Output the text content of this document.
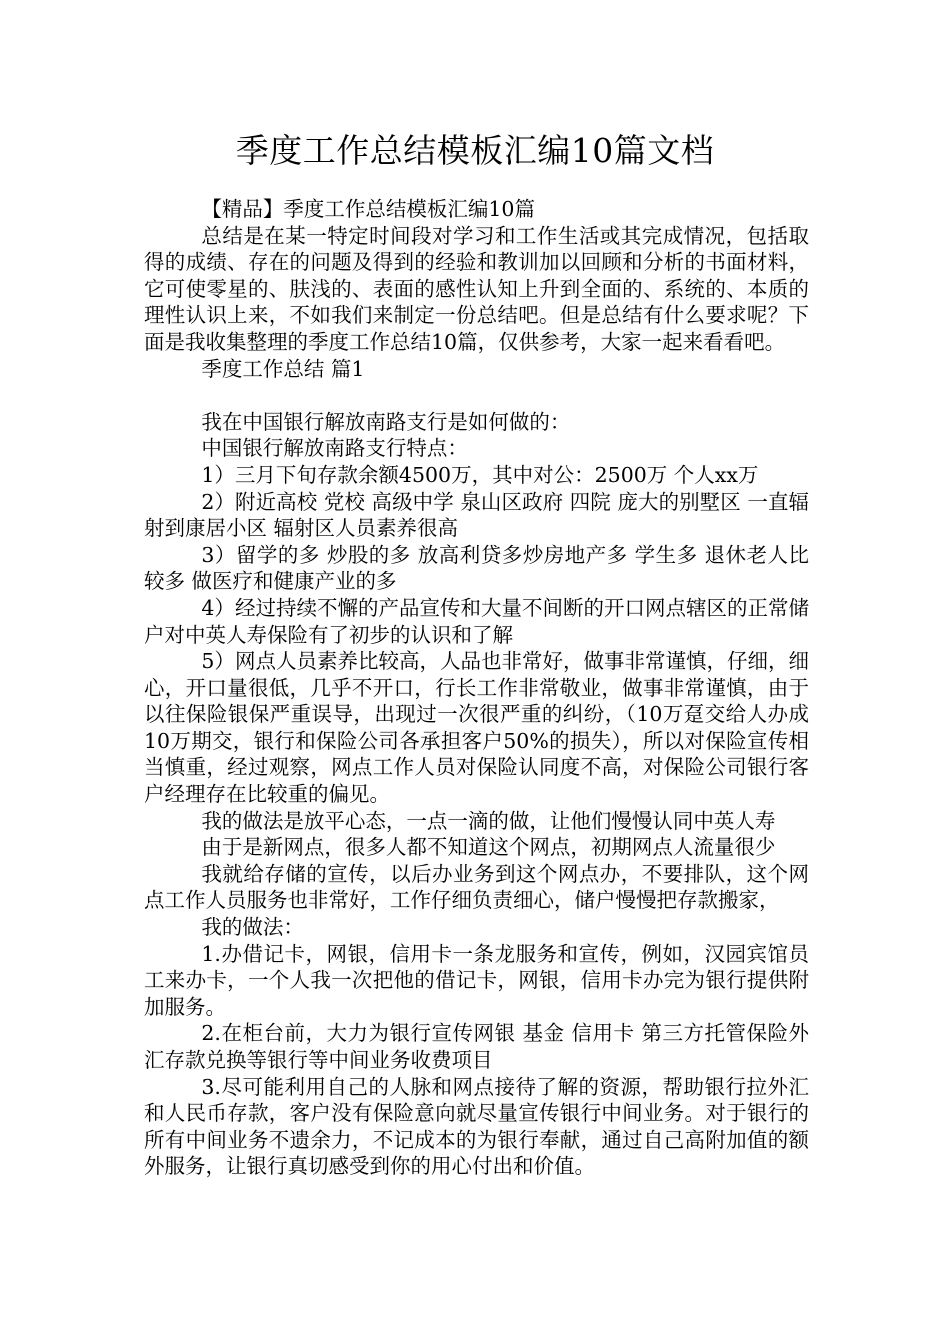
季度工作总结模板汇编10篇文档

【精品】季度工作总结模板汇编10篇

总结是在某一特定时间段对学习和工作生活或其完成情况，包括取得的成绩、存在的问题及得到的经验和教训加以回顾和分析的书面材料，它可使零星的、肤浅的、表面的感性认知上升到全面的、系统的、本质的理性认识上来，不如我们来制定一份总结吧。但是总结有什么要求呢？下面是我收集整理的季度工作总结10篇，仅供参考，大家一起来看看吧。

季度工作总结 篇1

我在中国银行解放南路支行是如何做的：

中国银行解放南路支行特点：

1）三月下旬存款余额4500万，其中对公：2500万 个人xx万

2）附近高校 党校 高级中学 泉山区政府 四院 庞大的别墅区 一直辐射到康居小区 辐射区人员素养很高

3）留学的多 炒股的多 放高利贷多炒房地产多 学生多 退休老人比较多 做医疗和健康产业的多

4）经过持续不懈的产品宣传和大量不间断的开口网点辖区的正常储户对中英人寿保险有了初步的认识和了解

5）网点人员素养比较高，人品也非常好，做事非常谨慎，仔细，细心，开口量很低，几乎不开口，行长工作非常敬业，做事非常谨慎，由于以往保险银保严重误导，出现过一次很严重的纠纷，（10万趸交给人办成10万期交，银行和保险公司各承担客户50%的损失），所以对保险宣传相当慎重，经过观察，网点工作人员对保险认同度不高，对保险公司银行客户经理存在比较重的偏见。

我的做法是放平心态，一点一滴的做，让他们慢慢认同中英人寿

由于是新网点，很多人都不知道这个网点，初期网点人流量很少

我就给存储的宣传，以后办业务到这个网点办，不要排队，这个网点工作人员服务也非常好，工作仔细负责细心，储户慢慢把存款搬家，

我的做法：

1.办借记卡，网银，信用卡一条龙服务和宣传，例如，汉园宾馆员工来办卡，一个人我一次把他的借记卡，网银，信用卡办完为银行提供附加服务。

2.在柜台前，大力为银行宣传网银 基金 信用卡 第三方托管保险外汇存款兑换等银行等中间业务收费项目

3.尽可能利用自己的人脉和网点接待了解的资源，帮助银行拉外汇和人民币存款，客户没有保险意向就尽量宣传银行中间业务。对于银行的所有中间业务不遗余力，不记成本的为银行奉献，通过自己高附加值的额外服务，让银行真切感受到你的用心付出和价值。
